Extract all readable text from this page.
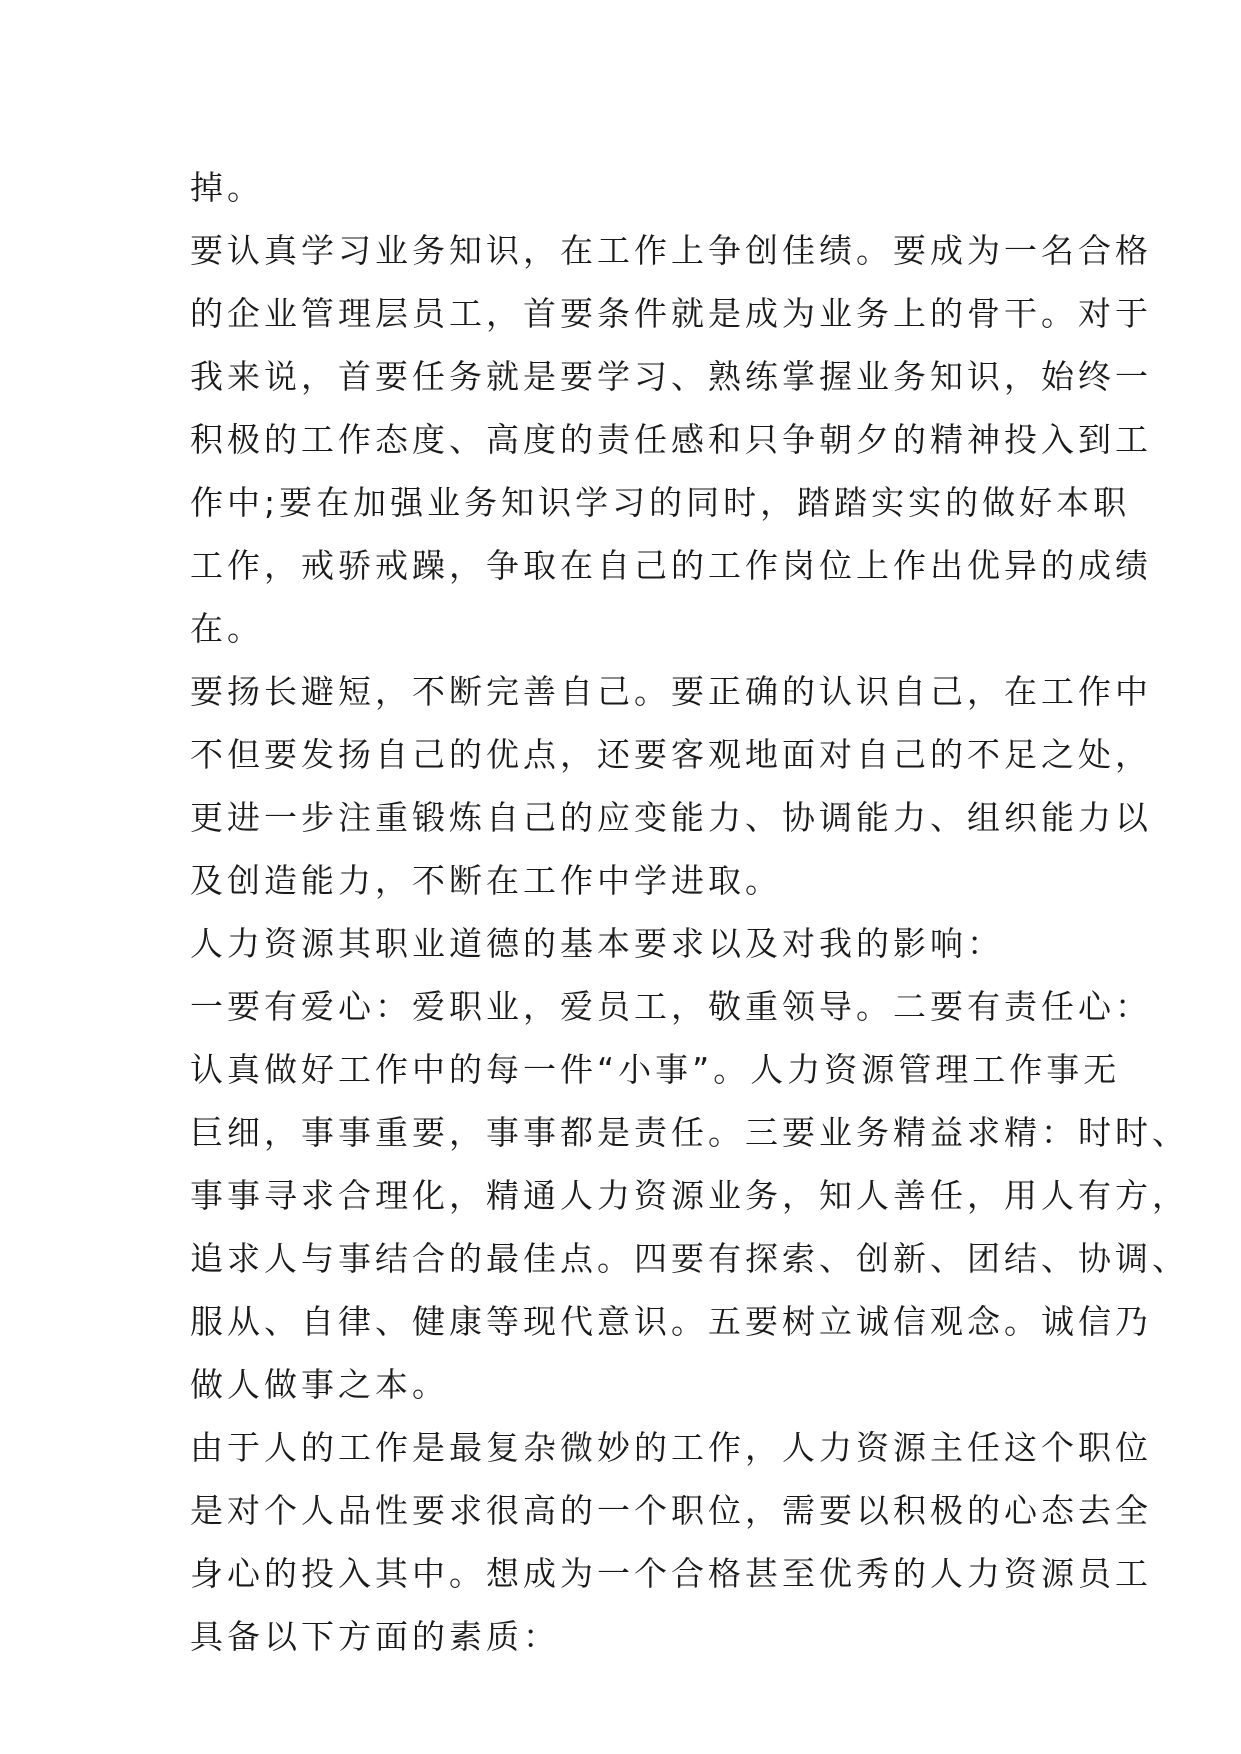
掉。
要认真学习业务知识，在工作上争创佳绩。要成为一名合格
的企业管理层员工，首要条件就是成为业务上的骨干。对于
我来说，首要任务就是要学习、熟练掌握业务知识，始终一
积极的工作态度、高度的责任感和只争朝夕的精神投入到工
作中;要在加强业务知识学习的同时，踏踏实实的做好本职
工作，戒骄戒躁，争取在自己的工作岗位上作出优异的成绩
在。
要扬长避短，不断完善自己。要正确的认识自己，在工作中
不但要发扬自己的优点，还要客观地面对自己的不足之处，
更进一步注重锻炼自己的应变能力、协调能力、组织能力以
及创造能力，不断在工作中学进取。
人力资源其职业道德的基本要求以及对我的影响：
一要有爱心：爱职业，爱员工，敬重领导。二要有责任心：
认真做好工作中的每一件“小事”。人力资源管理工作事无
巨细，事事重要，事事都是责任。三要业务精益求精：时时、
事事寻求合理化，精通人力资源业务，知人善任，用人有方，
追求人与事结合的最佳点。四要有探索、创新、团结、协调、
服从、自律、健康等现代意识。五要树立诚信观念。诚信乃
做人做事之本。
由于人的工作是最复杂微妙的工作，人力资源主任这个职位
是对个人品性要求很高的一个职位，需要以积极的心态去全
身心的投入其中。想成为一个合格甚至优秀的人力资源员工
具备以下方面的素质：
